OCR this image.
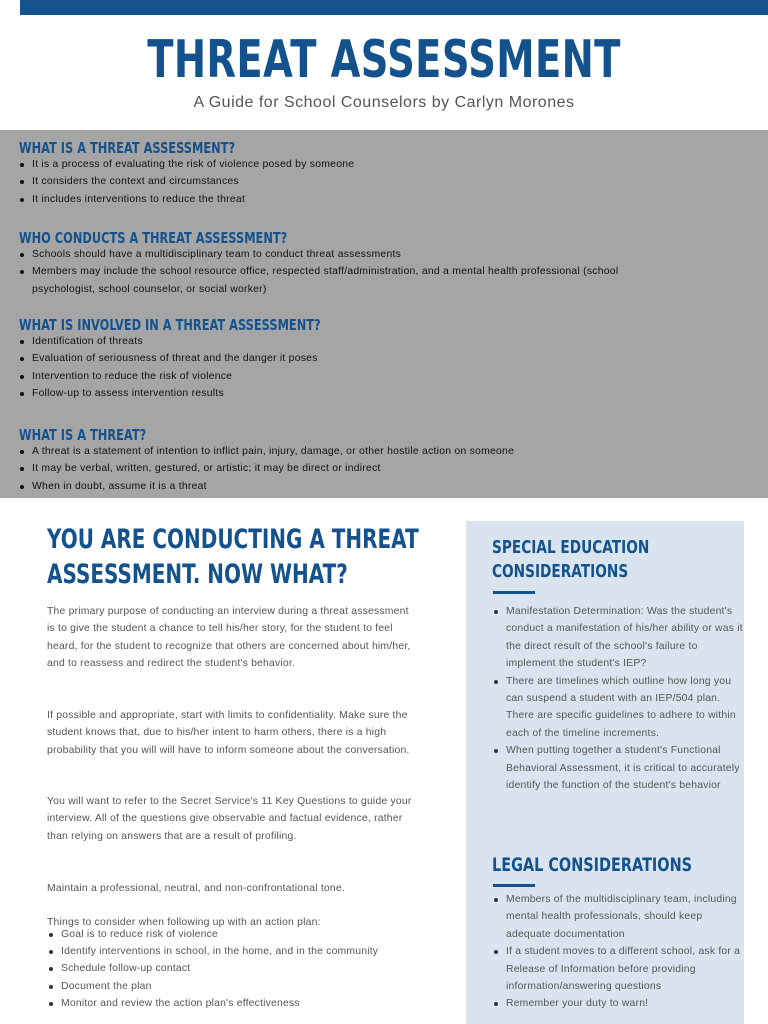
THREAT ASSESSMENT
A Guide for School Counselors by Carlyn Morones
WHAT IS A THREAT ASSESSMENT?
It is a process of evaluating the risk of violence posed by someone
It considers the context and circumstances
It includes interventions to reduce the threat
WHO CONDUCTS A THREAT ASSESSMENT?
Schools should have a multidisciplinary team to conduct threat assessments
Members may include the school resource office, respected staff/administration, and a mental health professional (school psychologist, school counselor, or social worker)
WHAT IS INVOLVED IN A THREAT ASSESSMENT?
Identification of threats
Evaluation of seriousness of threat and the danger it poses
Intervention to reduce the risk of violence
Follow-up to assess intervention results
WHAT IS A THREAT?
A threat is a statement of intention to inflict pain, injury, damage, or other hostile action on someone
It may be verbal, written, gestured, or artistic; it may be direct or indirect
When in doubt, assume it is a threat
YOU ARE CONDUCTING A THREAT ASSESSMENT. NOW WHAT?
The primary purpose of conducting an interview during a threat assessment is to give the student a chance to tell his/her story, for the student to feel heard, for the student to recognize that others are concerned about him/her, and to reassess and redirect the student's behavior.
If possible and appropriate, start with limits to confidentiality. Make sure the student knows that, due to his/her intent to harm others, there is a high probability that you will will have to inform someone about the conversation.
You will want to refer to the Secret Service's 11 Key Questions to guide your interview. All of the questions give observable and factual evidence, rather than relying on answers that are a result of profiling.
Maintain a professional, neutral, and non-confrontational tone.
Things to consider when following up with an action plan:
Goal is to reduce risk of violence
Identify interventions in school, in the home, and in the community
Schedule follow-up contact
Document the plan
Monitor and review the action plan's effectiveness
SPECIAL EDUCATION
CONSIDERATIONS
Manifestation Determination: Was the student's conduct a manifestation of his/her ability or was it the direct result of the school's failure to implement the student's IEP?
There are timelines which outline how long you can suspend a student with an IEP/504 plan. There are specific guidelines to adhere to within each of the timeline increments.
When putting together a student's Functional Behavioral Assessment, it is critical to accurately identify the function of the student's behavior
LEGAL CONSIDERATIONS
Members of the multidisciplinary team, including mental health professionals, should keep adequate documentation
If a student moves to a different school, ask for a Release of Information before providing information/answering questions
Remember your duty to warn!
